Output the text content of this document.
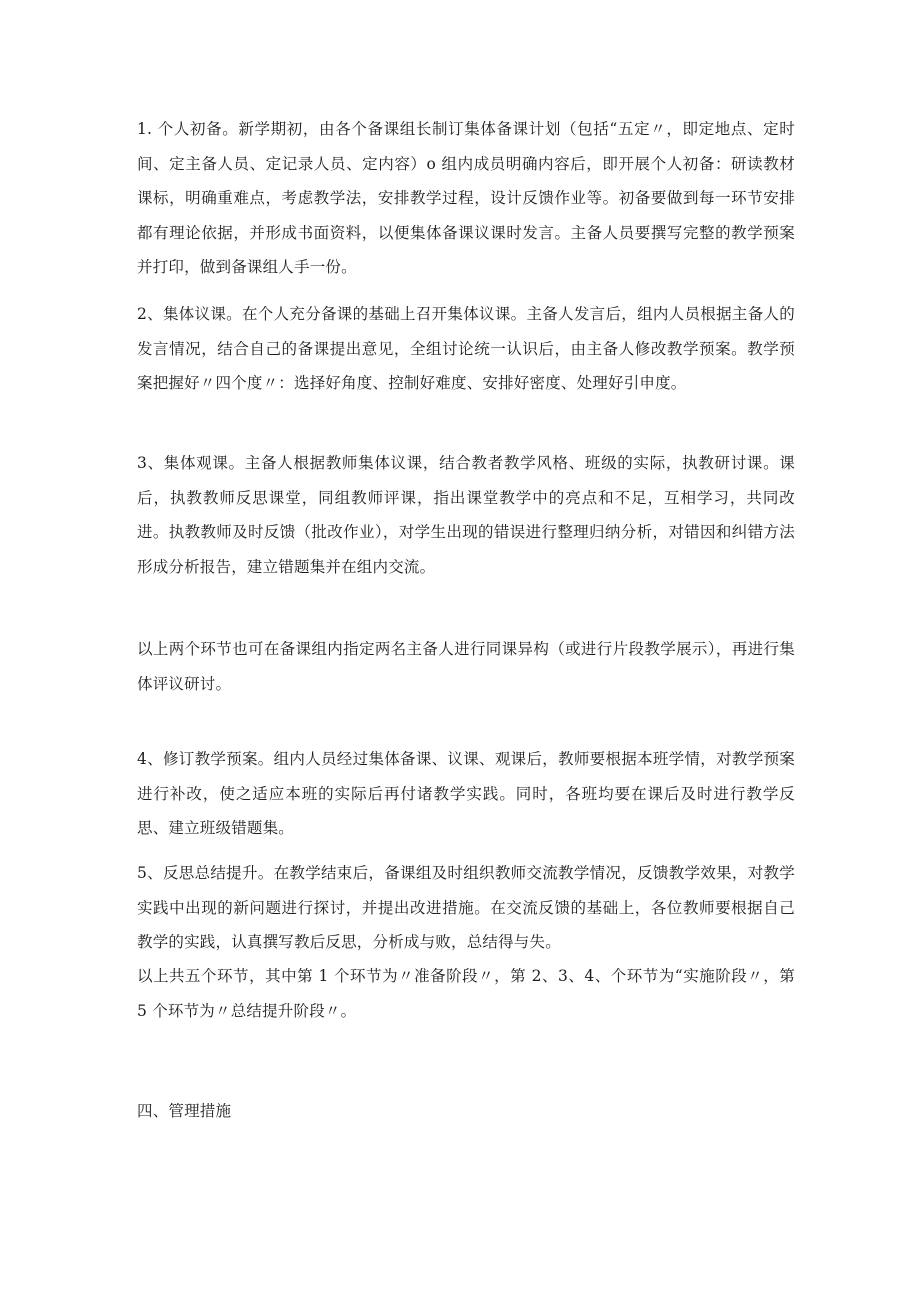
1. 个人初备。新学期初，由各个备课组长制订集体备课计划（包括“五定〃，即定地点、定时间、定主备人员、定记录人员、定内容）o 组内成员明确内容后，即开展个人初备：研读教材课标，明确重难点，考虑教学法，安排教学过程，设计反馈作业等。初备要做到每一环节安排都有理论依据，并形成书面资料，以便集体备课议课时发言。主备人员要撰写完整的教学预案并打印，做到备课组人手一份。

2、集体议课。在个人充分备课的基础上召开集体议课。主备人发言后，组内人员根据主备人的发言情况，结合自己的备课提出意见，全组讨论统一认识后，由主备人修改教学预案。教学预案把握好〃四个度〃：选择好角度、控制好难度、安排好密度、处理好引申度。

3、集体观课。主备人根据教师集体议课，结合教者教学风格、班级的实际，执教研讨课。课后，执教教师反思课堂，同组教师评课，指出课堂教学中的亮点和不足，互相学习，共同改进。执教教师及时反馈（批改作业），对学生出现的错误进行整理归纳分析，对错因和纠错方法形成分析报告，建立错题集并在组内交流。

以上两个环节也可在备课组内指定两名主备人进行同课异构（或进行片段教学展示），再进行集体评议研讨。

4、修订教学预案。组内人员经过集体备课、议课、观课后，教师要根据本班学情，对教学预案进行补改，使之适应本班的实际后再付诸教学实践。同时，各班均要在课后及时进行教学反思、建立班级错题集。

5、反思总结提升。在教学结束后，备课组及时组织教师交流教学情况，反馈教学效果，对教学实践中出现的新问题进行探讨，并提出改进措施。在交流反馈的基础上，各位教师要根据自己教学的实践，认真撰写教后反思，分析成与败，总结得与失。

以上共五个环节，其中第 1 个环节为〃准备阶段〃，第 2、3、4、个环节为“实施阶段〃，第 5 个环节为〃总结提升阶段〃。

四、管理措施
